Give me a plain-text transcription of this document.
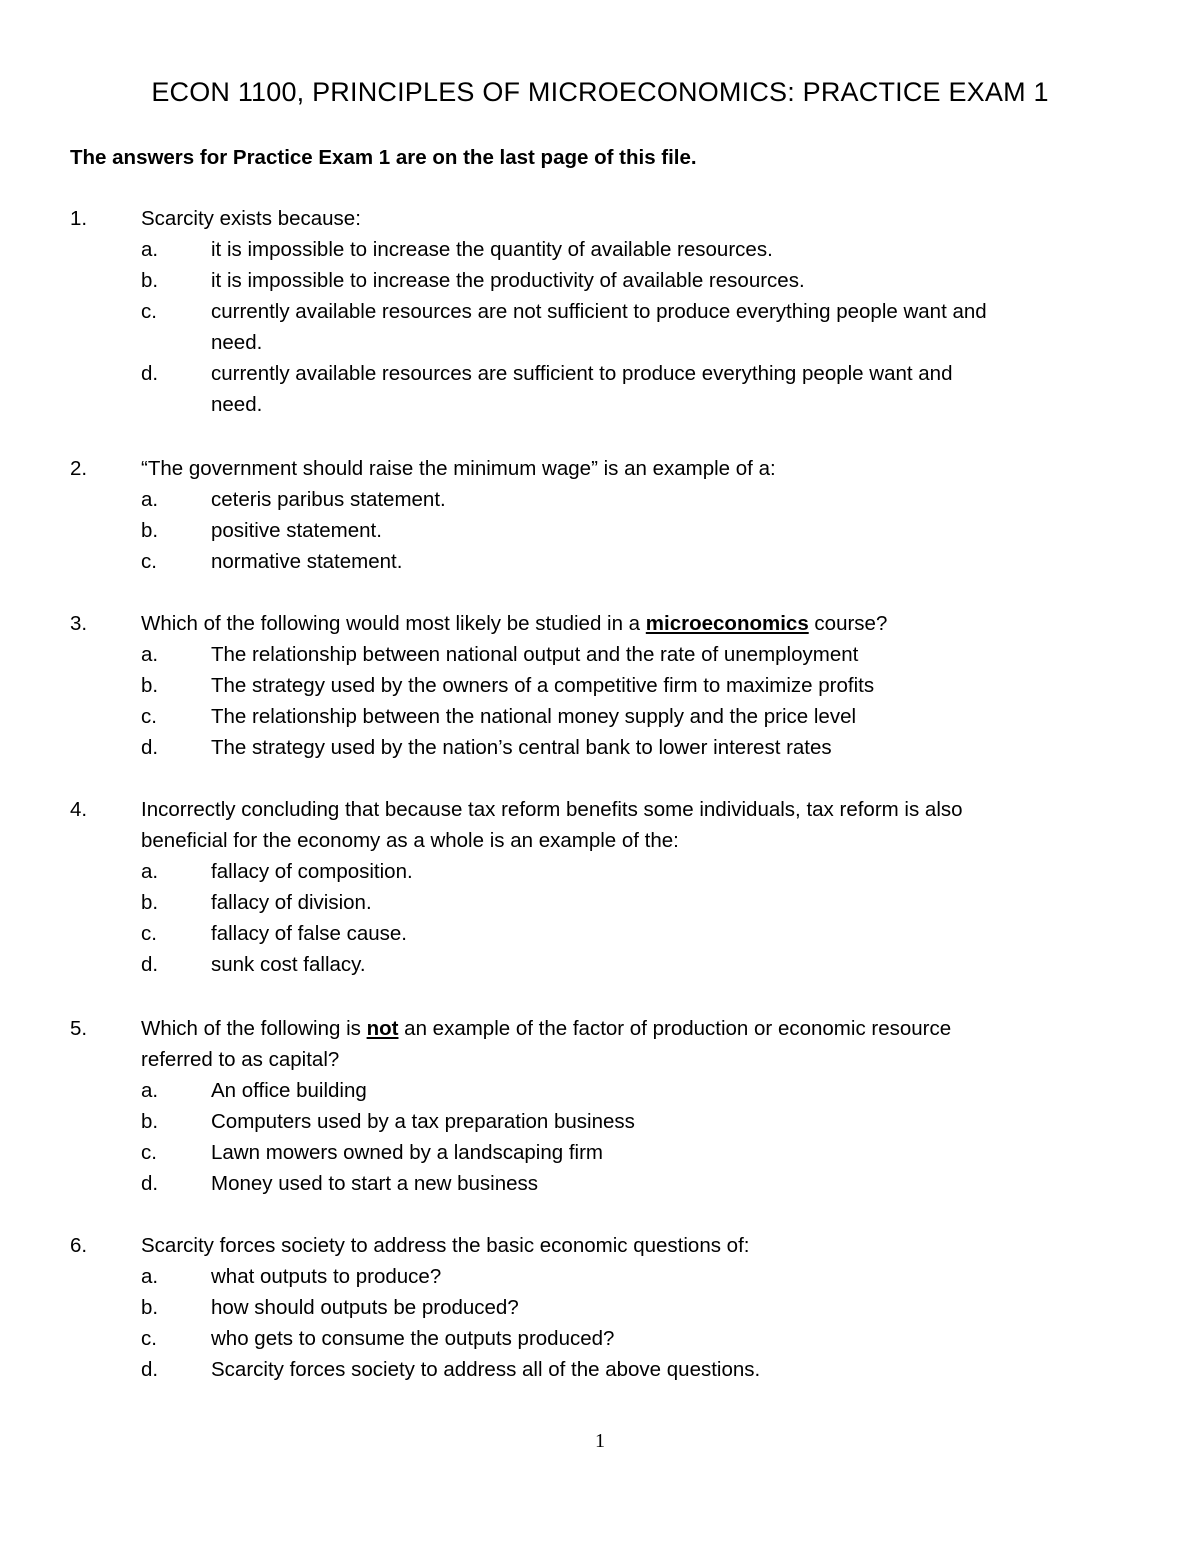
ECON 1100, PRINCIPLES OF MICROECONOMICS: PRACTICE EXAM 1
The answers for Practice Exam 1 are on the last page of this file.
1.	Scarcity exists because:
a.	it is impossible to increase the quantity of available resources.
b.	it is impossible to increase the productivity of available resources.
c.	currently available resources are not sufficient to produce everything people want and
need.
d.	currently available resources are sufficient to produce everything people want and
need.
2.	“The government should raise the minimum wage” is an example of a:
a.	ceteris paribus statement.
b.	positive statement.
c.	normative statement.
3.	Which of the following would most likely be studied in a microeconomics course?
a.	The relationship between national output and the rate of unemployment
b.	The strategy used by the owners of a competitive firm to maximize profits
c.	The relationship between the national money supply and the price level
d.	The strategy used by the nation’s central bank to lower interest rates
4.	Incorrectly concluding that because tax reform benefits some individuals, tax reform is also
beneficial for the economy as a whole is an example of the:
a.	fallacy of composition.
b.	fallacy of division.
c.	fallacy of false cause.
d.	sunk cost fallacy.
5.	Which of the following is not an example of the factor of production or economic resource
referred to as capital?
a.	An office building
b.	Computers used by a tax preparation business
c.	Lawn mowers owned by a landscaping firm
d.	Money used to start a new business
6.	Scarcity forces society to address the basic economic questions of:
a.	what outputs to produce?
b.	how should outputs be produced?
c.	who gets to consume the outputs produced?
d.	Scarcity forces society to address all of the above questions.
1
